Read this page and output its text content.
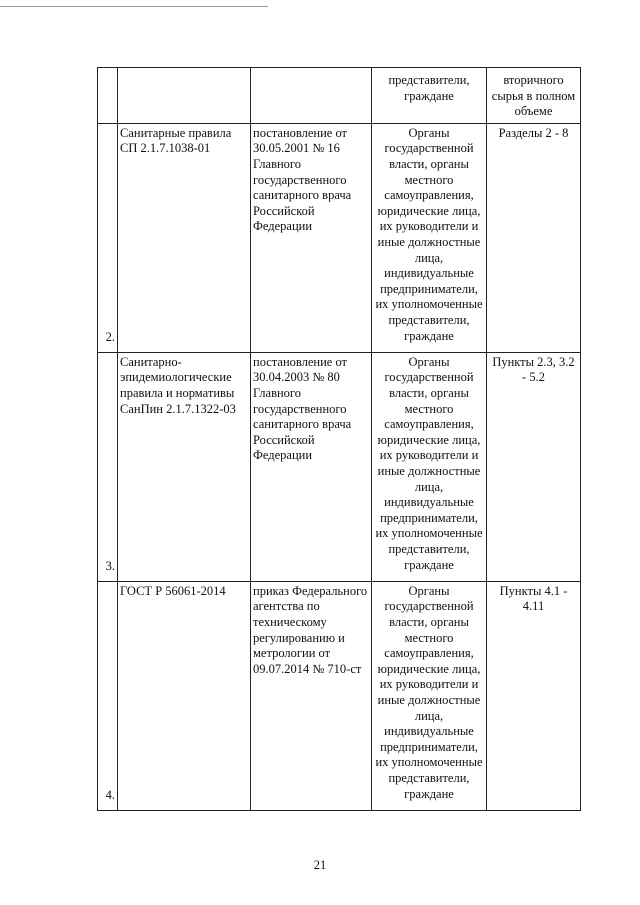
			представители, граждане	вторичного сырья в полном объеме
2.	Санитарные правила СП 2.1.7.1038-01	постановление от 30.05.2001 № 16 Главного государственного санитарного врача Российской Федерации	Органы государственной власти, органы местного самоуправления, юридические лица, их руководители и иные должностные лица, индивидуальные предприниматели, их уполномоченные представители, граждане	Разделы 2 - 8
3.	Санитарно-эпидемиологические правила и нормативы СанПин 2.1.7.1322-03	постановление от 30.04.2003 № 80 Главного государственного санитарного врача Российской Федерации	Органы государственной власти, органы местного самоуправления, юридические лица, их руководители и иные должностные лица, индивидуальные предприниматели, их уполномоченные представители, граждане	Пункты 2.3, 3.2 - 5.2
4.	ГОСТ Р 56061-2014	приказ Федерального агентства по техническому регулированию и метрологии от 09.07.2014 № 710-ст	Органы государственной власти, органы местного самоуправления, юридические лица, их руководители и иные должностные лица, индивидуальные предприниматели, их уполномоченные представители, граждане	Пункты 4.1 - 4.11
21
